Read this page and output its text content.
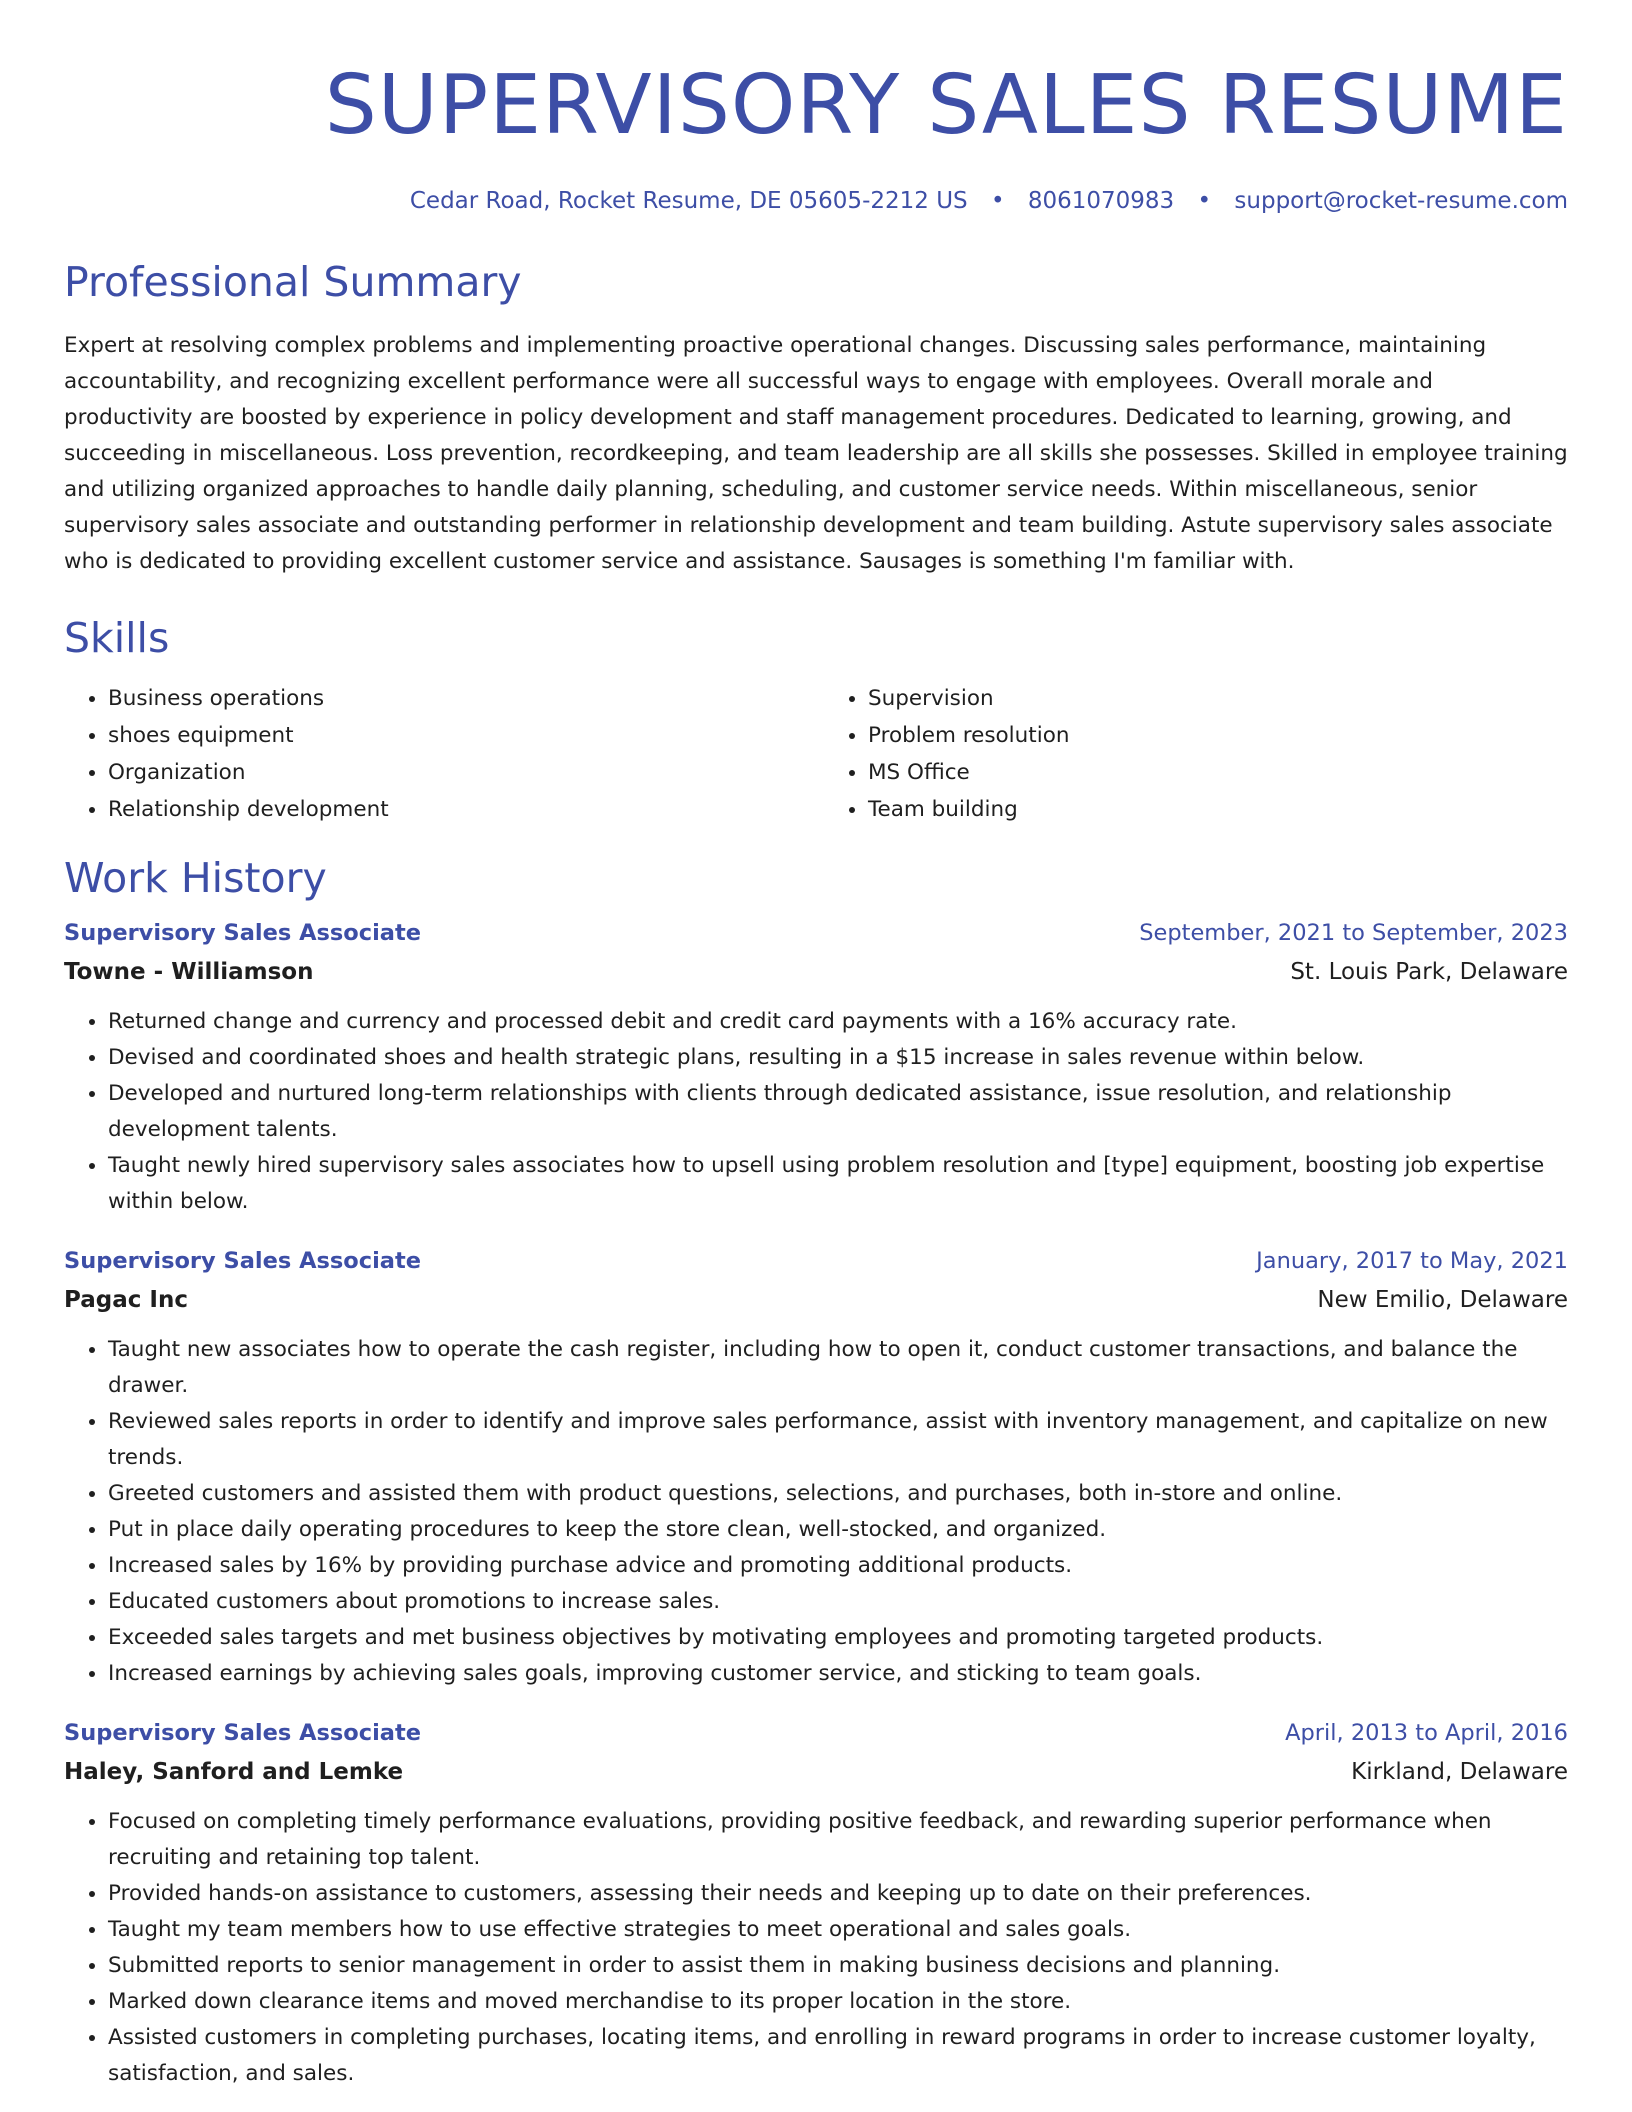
SUPERVISORY SALES RESUME
Cedar Road, Rocket Resume, DE 05605-2212 US • 8061070983 • support@rocket-resume.com
Professional Summary

Expert at resolving complex problems and implementing proactive operational changes. Discussing sales performance, maintaining accountability, and recognizing excellent performance were all successful ways to engage with employees. Overall morale and productivity are boosted by experience in policy development and staff management procedures. Dedicated to learning, growing, and succeeding in miscellaneous. Loss prevention, recordkeeping, and team leadership are all skills she possesses. Skilled in employee training and utilizing organized approaches to handle daily planning, scheduling, and customer service needs. Within miscellaneous, senior supervisory sales associate and outstanding performer in relationship development and team building. Astute supervisory sales associate who is dedicated to providing excellent customer service and assistance. Sausages is something I'm familiar with.

Skills
• Business operations
• shoes equipment
• Organization
• Relationship development
• Supervision
• Problem resolution
• MS Office
• Team building
Work History
Supervisory Sales Associate	September, 2021 to September, 2023
Towne - Williamson	St. Louis Park, Delaware
• Returned change and currency and processed debit and credit card payments with a 16% accuracy rate.
• Devised and coordinated shoes and health strategic plans, resulting in a $15 increase in sales revenue within below.
• Developed and nurtured long-term relationships with clients through dedicated assistance, issue resolution, and relationship development talents.
• Taught newly hired supervisory sales associates how to upsell using problem resolution and [type] equipment, boosting job expertise within below.
Supervisory Sales Associate	January, 2017 to May, 2021
Pagac Inc	New Emilio, Delaware
• Taught new associates how to operate the cash register, including how to open it, conduct customer transactions, and balance the drawer.
• Reviewed sales reports in order to identify and improve sales performance, assist with inventory management, and capitalize on new trends.
• Greeted customers and assisted them with product questions, selections, and purchases, both in-store and online.
• Put in place daily operating procedures to keep the store clean, well-stocked, and organized.
• Increased sales by 16% by providing purchase advice and promoting additional products.
• Educated customers about promotions to increase sales.
• Exceeded sales targets and met business objectives by motivating employees and promoting targeted products.
• Increased earnings by achieving sales goals, improving customer service, and sticking to team goals.
Supervisory Sales Associate	April, 2013 to April, 2016
Haley, Sanford and Lemke	Kirkland, Delaware
• Focused on completing timely performance evaluations, providing positive feedback, and rewarding superior performance when recruiting and retaining top talent.
• Provided hands-on assistance to customers, assessing their needs and keeping up to date on their preferences.
• Taught my team members how to use effective strategies to meet operational and sales goals.
• Submitted reports to senior management in order to assist them in making business decisions and planning.
• Marked down clearance items and moved merchandise to its proper location in the store.
• Assisted customers in completing purchases, locating items, and enrolling in reward programs in order to increase customer loyalty, satisfaction, and sales.
